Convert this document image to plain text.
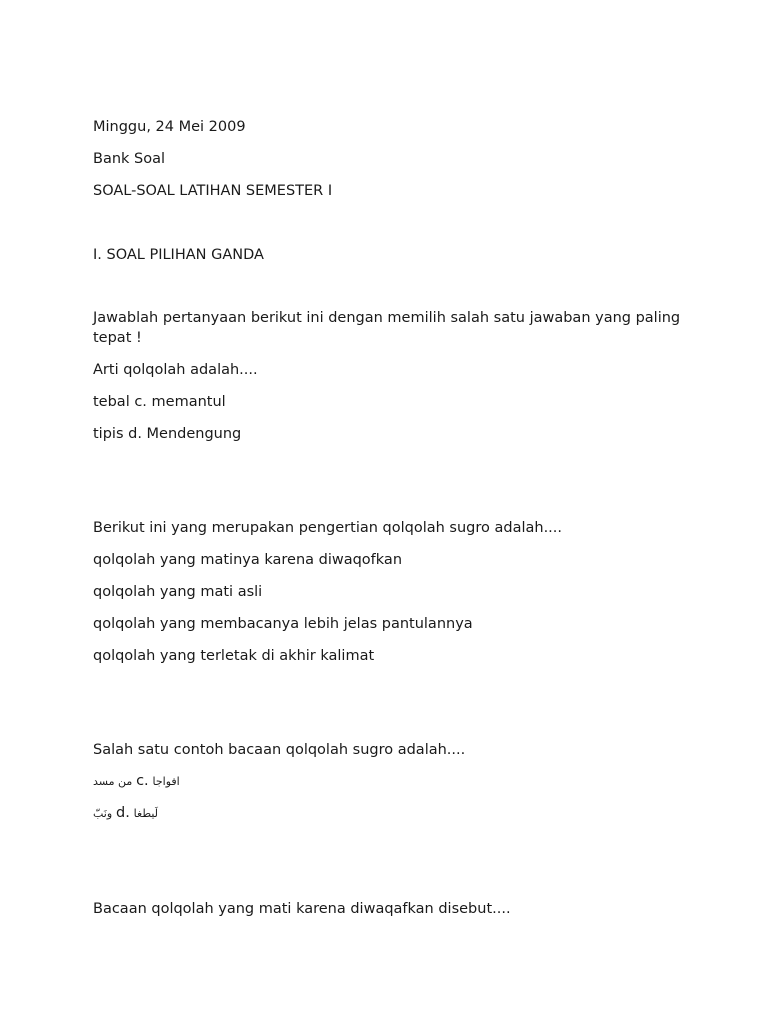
Minggu, 24 Mei 2009
Bank Soal
SOAL-SOAL LATIHAN SEMESTER I
I. SOAL PILIHAN GANDA
Jawablah pertanyaan berikut ini dengan memilih salah satu jawaban yang paling tepat !
Arti qolqolah adalah....
tebal c. memantul
tipis d. Mendengung
Berikut ini yang merupakan pengertian qolqolah sugro adalah....
qolqolah yang matinya karena diwaqofkan
qolqolah yang mati asli
qolqolah yang membacanya lebih jelas pantulannya
qolqolah yang terletak di akhir kalimat
Salah satu contoh bacaan qolqolah sugro adalah....
من مسد c. افواجا
ونَبّ d. لَيطغا
Bacaan qolqolah yang mati karena diwaqafkan disebut....
